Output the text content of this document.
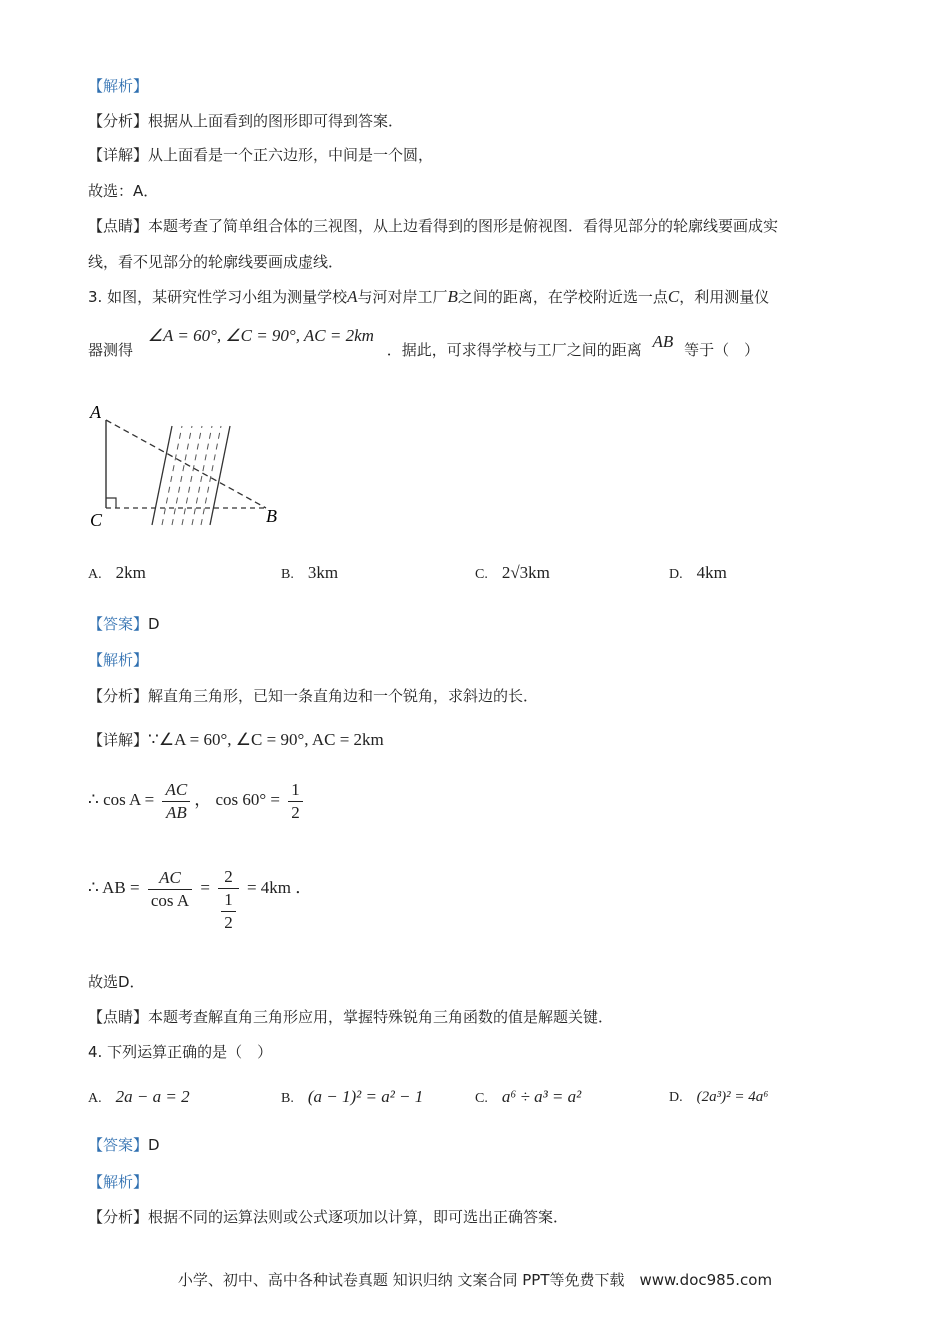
【解析】
【分析】根据从上面看到的图形即可得到答案．
【详解】从上面看是一个正六边形，中间是一个圆，
故选：A．
【点睛】本题考查了简单组合体的三视图，从上边看得到的图形是俯视图．看得见部分的轮廓线要画成实
线，看不见部分的轮廓线要画成虚线．
3. 如图，某研究性学习小组为测量学校A与河对岸工厂B之间的距离，在学校附近选一点C，利用测量仪
器测得 ∠A = 60°, ∠C = 90°, AC = 2km ．据此，可求得学校与工厂之间的距离 AB 等于（　）
A
C	B
A. 2km	B. 3km	C. 2√3km	D. 4km
【答案】D
【解析】
【分析】解直角三角形，已知一条直角边和一个锐角，求斜边的长．
【详解】∵∠A = 60°, ∠C = 90°, AC = 2km
∴ $\cos A = \frac{AC}{AB}$ ， $\cos 60^\circ = \frac{1}{2}$
∴ AB = $\frac{AC}{\text{cos A}} = \frac{2}{\frac{1}{2}} = 4km$ ．
故选D．
【点睛】本题考查解直角三角形应用，掌握特殊锐角三角函数的值是解题关键．
4. 下列运算正确的是（　）
A. 2a − a = 2	B. (a − 1)² = a² − 1	C. a⁶ ÷ a³ = a²	D. (2a³)² = 4a⁶
【答案】D
【解析】
【分析】根据不同的运算法则或公式逐项加以计算，即可选出正确答案．
小学、初中、高中各种试卷真题 知识归纳 文案合同 PPT等免费下载　www.doc985.com
